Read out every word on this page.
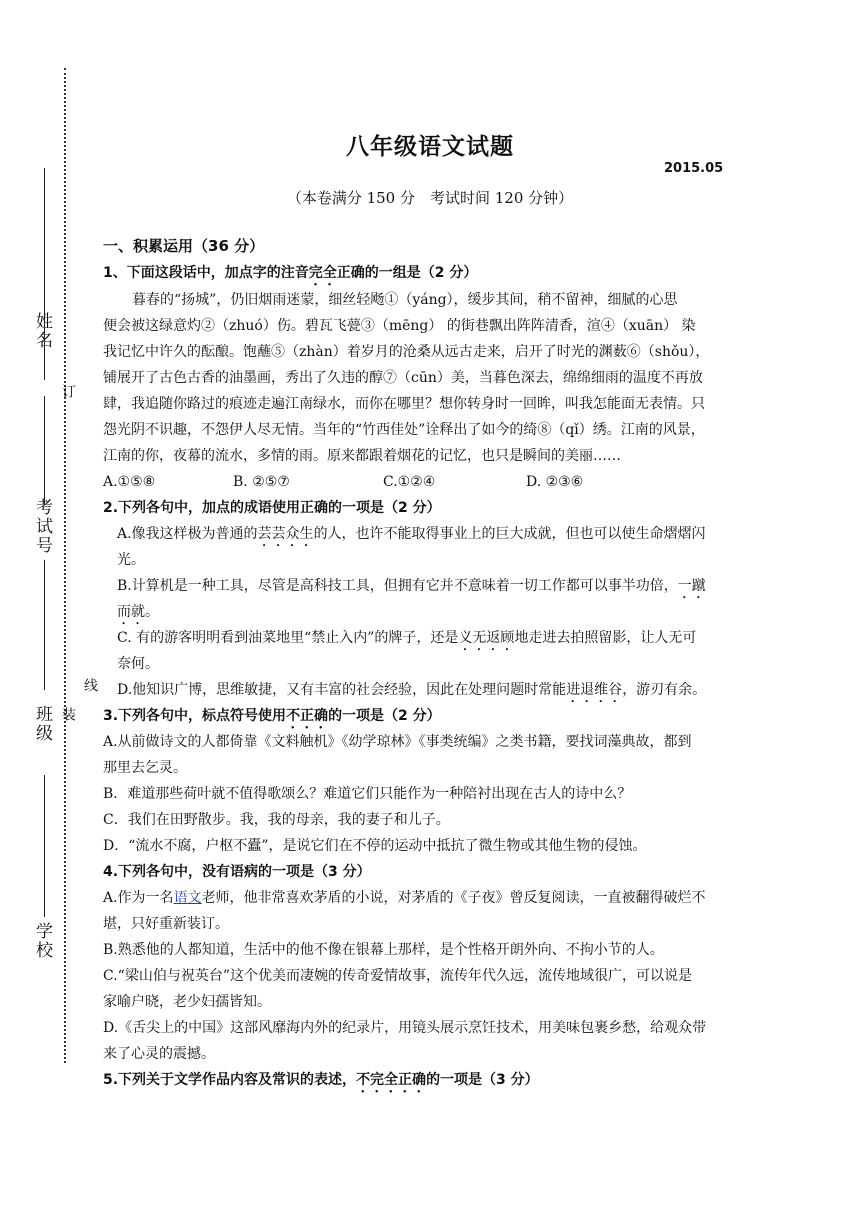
姓名
考试号
班级
学校
订
线
装
八年级语文试题
2015.05
（本卷满分 150 分　考试时间 120 分钟）
一、积累运用（36 分）
1、下面这段话中，加点字的注音完全正确的一组是（2 分）
暮春的“扬城”，仍旧烟雨迷蒙，细丝轻飏①（yáng），缓步其间，稍不留神，细腻的心思
便会被这绿意灼②（zhuó）伤。碧瓦飞甍③（mēng） 的街巷飘出阵阵清香，渲④（xuān） 染
我记忆中许久的酝酿。饱蘸⑤（zhàn）着岁月的沧桑从远古走来，启开了时光的渊薮⑥（shǒu），
铺展开了古色古香的油墨画，秀出了久违的醇⑦（cūn）美，当暮色深去，绵绵细雨的温度不再放
肆，我追随你路过的痕迹走遍江南绿水，而你在哪里？想你转身时一回眸，叫我怎能面无表情。只
怨光阴不识趣，不怨伊人尽无情。当年的“竹西佳处”诠释出了如今的绮⑧（qǐ）绣。江南的风景，
江南的你，夜幕的流水，多情的雨。原来都跟着烟花的记忆，也只是瞬间的美丽……
A.①⑤⑧	B. ②⑤⑦	C.①②④	D. ②③⑥
2.下列各句中，加点的成语使用正确的一项是（2 分）
A.像我这样极为普通的芸芸众生的人，也许不能取得事业上的巨大成就，但也可以使生命熠熠闪
光。
B.计算机是一种工具，尽管是高科技工具，但拥有它并不意味着一切工作都可以事半功倍，一蹴
而就。
C. 有的游客明明看到油菜地里“禁止入内”的牌子，还是义无返顾地走进去拍照留影，让人无可
奈何。
D.他知识广博，思维敏捷，又有丰富的社会经验，因此在处理问题时常能进退维谷，游刃有余。
3.下列各句中，标点符号使用不正确的一项是（2 分）
A.从前做诗文的人都倚靠《文料触机》《幼学琼林》《事类统编》之类书籍，要找词藻典故，都到
那里去乞灵。
B．难道那些荷叶就不值得歌颂么？难道它们只能作为一种陪衬出现在古人的诗中么？
C．我们在田野散步。我，我的母亲，我的妻子和儿子。
D．“流水不腐，户枢不蠹”，是说它们在不停的运动中抵抗了微生物或其他生物的侵蚀。
4.下列各句中，没有语病的一项是（3 分）
A.作为一名语文老师，他非常喜欢茅盾的小说，对茅盾的《子夜》曾反复阅读，一直被翻得破烂不
堪，只好重新装订。
B.熟悉他的人都知道，生活中的他不像在银幕上那样，是个性格开朗外向、不拘小节的人。
C.“梁山伯与祝英台”这个优美而凄婉的传奇爱情故事，流传年代久远，流传地域很广，可以说是
家喻户晓，老少妇孺皆知。
D.《舌尖上的中国》这部风靡海内外的纪录片，用镜头展示烹饪技术，用美味包裹乡愁，给观众带
来了心灵的震撼。
5.下列关于文学作品内容及常识的表述，不完全正确的一项是（3 分）
